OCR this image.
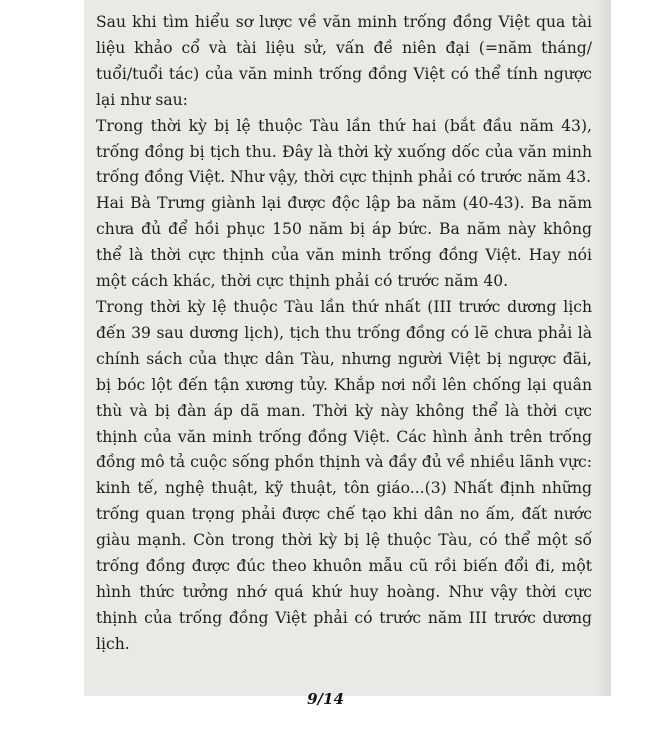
Sau khi tìm hiểu sơ lược về văn minh trống đồng Việt qua tài liệu khảo cổ và tài liệu sử, vấn đề niên đại (=năm tháng/ tuổi/tuổi tác) của văn minh trống đồng Việt có thể tính ngược lại như sau:

Trong thời kỳ bị lệ thuộc Tàu lần thứ hai (bắt đầu năm 43), trống đồng bị tịch thu. Đây là thời kỳ xuống dốc của văn minh trống đồng Việt. Như vậy, thời cực thịnh phải có trước năm 43.

Hai Bà Trưng giành lại được độc lập ba năm (40-43). Ba năm chưa đủ để hồi phục 150 năm bị áp bức. Ba năm này không thể là thời cực thịnh của văn minh trống đồng Việt. Hay nói một cách khác, thời cực thịnh phải có trước năm 40.

Trong thời kỳ lệ thuộc Tàu lần thứ nhất (III trước dương lịch đến 39 sau dương lịch), tịch thu trống đồng có lẽ chưa phải là chính sách của thực dân Tàu, nhưng người Việt bị ngược đãi, bị bóc lột đến tận xương tủy. Khắp nơi nổi lên chống lại quân thù và bị đàn áp dã man. Thời kỳ này không thể là thời cực thịnh của văn minh trống đồng Việt. Các hình ảnh trên trống đồng mô tả cuộc sống phồn thịnh và đầy đủ về nhiều lãnh vực: kinh tế, nghệ thuật, kỹ thuật, tôn giáo...(3) Nhất định những trống quan trọng phải được chế tạo khi dân no ấm, đất nước giàu mạnh. Còn trong thời kỳ bị lệ thuộc Tàu, có thể một số trống đồng được đúc theo khuôn mẫu cũ rồi biến đổi đi, một hình thức tưởng nhớ quá khứ huy hoàng. Như vậy thời cực thịnh của trống đồng Việt phải có trước năm III trước dương lịch.

9/14
